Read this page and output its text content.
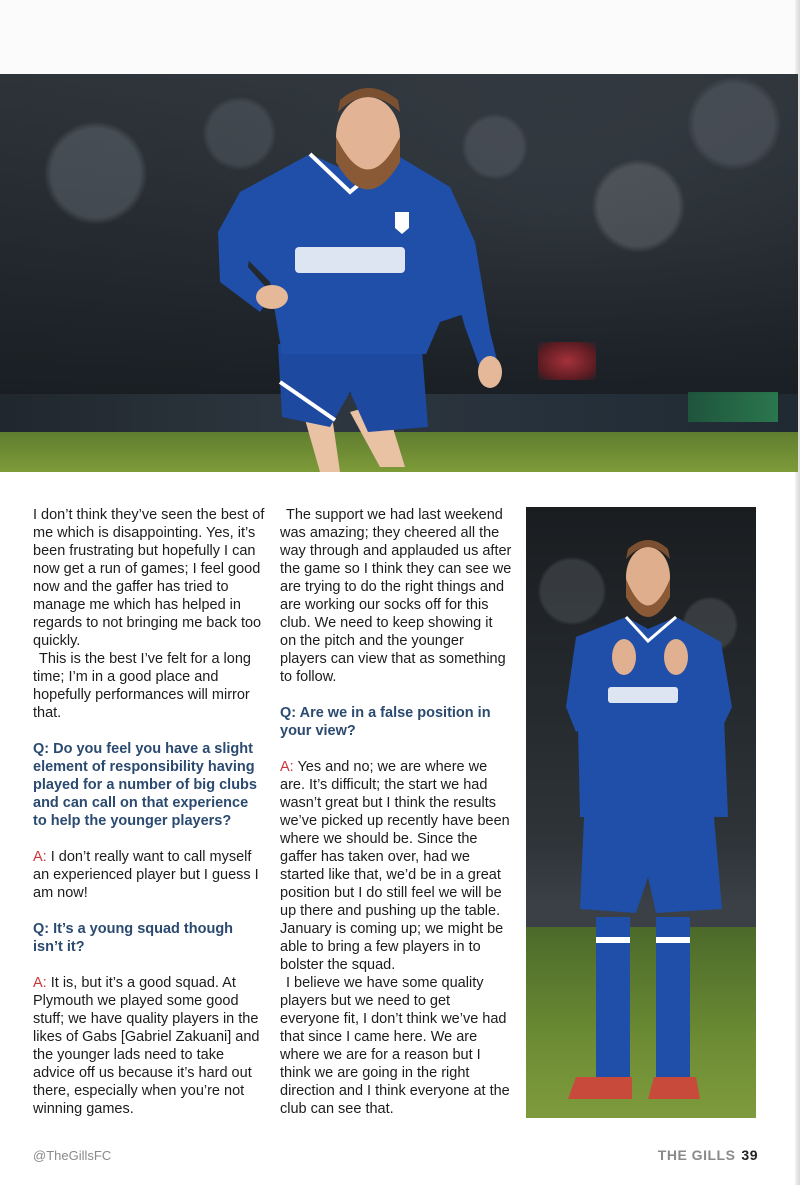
I don’t think they’ve seen the best of me which is disappointing. Yes, it’s been frustrating but hopefully I can now get a run of games; I feel good now and the gaffer has tried to manage me which has helped in regards to not bringing me back too quickly.

This is the best I’ve felt for a long time; I’m in a good place and hopefully performances will mirror that.

Q: Do you feel you have a slight element of responsibility having played for a number of big clubs and can call on that experience to help the younger players?

A: I don’t really want to call myself an experienced player but I guess I am now!

Q: It’s a young squad though isn’t it?

A: It is, but it’s a good squad. At Plymouth we played some good stuff; we have quality players in the likes of Gabs [Gabriel Zakuani] and the younger lads need to take advice off us because it’s hard out there, especially when you’re not winning games.

The support we had last weekend was amazing; they cheered all the way through and applauded us after the game so I think they can see we are trying to do the right things and are working our socks off for this club. We need to keep showing it on the pitch and the younger players can view that as something to follow.

Q: Are we in a false position in your view?

A: Yes and no; we are where we are. It’s difficult; the start we had wasn’t great but I think the results we’ve picked up recently have been where we should be. Since the gaffer has taken over, had we started like that, we’d be in a great position but I do still feel we will be up there and pushing up the table. January is coming up; we might be able to bring a few players in to bolster the squad.

I believe we have some quality players but we need to get everyone fit, I don’t think we’ve had that since I came here. We are where we are for a reason but I think we are going in the right direction and I think everyone at the club can see that.

@TheGillsFC	THE GILLS 39
